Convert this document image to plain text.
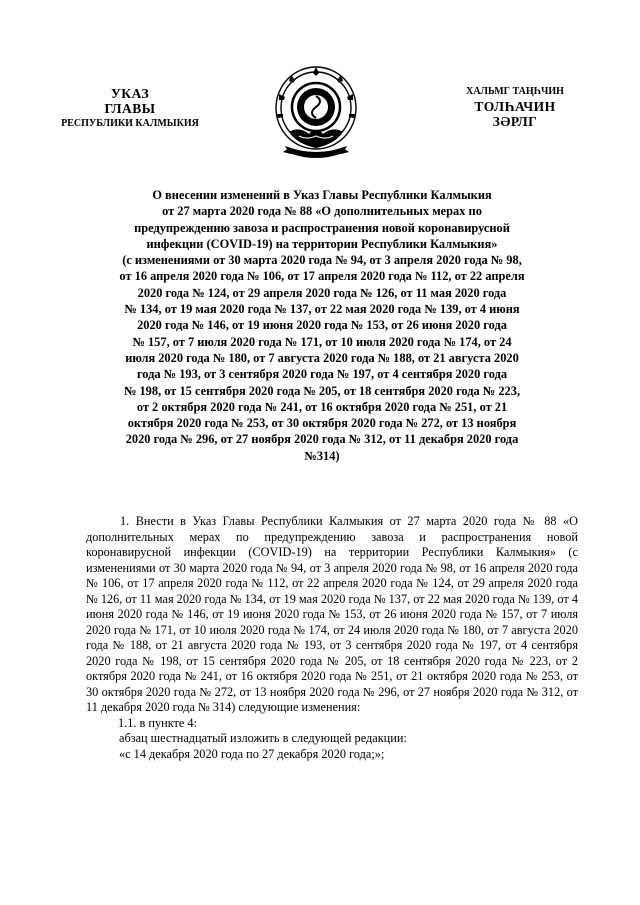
УКАЗ
ГЛАВЫ
РЕСПУБЛИКИ КАЛМЫКИЯ
ХАЛЬМГ ТАҢҺЧИН
ТОЛҺАЧИН
ЗӘРЛГ

О внесении изменений в Указ Главы Республики Калмыкия

от 27 марта 2020 года № 88 «О дополнительных мерах по

предупреждению завоза и распространения новой коронавирусной

инфекции (COVID-19) на территории Республики Калмыкия»

(с изменениями от 30 марта 2020 года № 94, от 3 апреля 2020 года № 98,

от 16 апреля 2020 года № 106, от 17 апреля 2020 года № 112, от 22 апреля

2020 года № 124, от 29 апреля 2020 года № 126, от 11 мая 2020 года

№ 134, от 19 мая 2020 года № 137, от 22 мая 2020 года № 139, от 4 июня

2020 года № 146, от 19 июня 2020 года № 153, от 26 июня 2020 года

№ 157, от 7 июля 2020 года № 171, от 10 июля 2020 года № 174, от 24

июля 2020 года № 180, от 7 августа 2020 года № 188, от 21 августа 2020

года № 193, от 3 сентября 2020 года № 197, от 4 сентября 2020 года

№ 198, от 15 сентября 2020 года № 205, от 18 сентября 2020 года № 223,

от 2 октября 2020 года № 241, от 16 октября 2020 года № 251, от 21

октября 2020 года № 253, от 30 октября 2020 года № 272, от 13 ноября

2020 года № 296, от 27 ноября 2020 года № 312, от 11 декабря 2020 года

№314)

1. Внести в Указ Главы Республики Калмыкия от 27 марта 2020 года № 88 «О дополнительных мерах по предупреждению завоза и распространения новой коронавирусной инфекции (COVID-19) на территории Республики Калмыкия» (с изменениями от 30 марта 2020 года № 94, от 3 апреля 2020 года № 98, от 16 апреля 2020 года № 106, от 17 апреля 2020 года № 112, от 22 апреля 2020 года № 124, от 29 апреля 2020 года № 126, от 11 мая 2020 года № 134, от 19 мая 2020 года № 137, от 22 мая 2020 года № 139, от 4 июня 2020 года № 146, от 19 июня 2020 года № 153, от 26 июня 2020 года № 157, от 7 июля 2020 года № 171, от 10 июля 2020 года № 174, от 24 июля 2020 года № 180, от 7 августа 2020 года № 188, от 21 августа 2020 года № 193, от 3 сентября 2020 года № 197, от 4 сентября 2020 года № 198, от 15 сентября 2020 года № 205, от 18 сентября 2020 года № 223, от 2 октября 2020 года № 241, от 16 октября 2020 года № 251, от 21 октября 2020 года № 253, от 30 октября 2020 года № 272, от 13 ноября 2020 года № 296, от 27 ноября 2020 года № 312, от 11 декабря 2020 года № 314) следующие изменения:

1.1. в пункте 4:

абзац шестнадцатый изложить в следующей редакции:

«с 14 декабря 2020 года по 27 декабря 2020 года;»;
